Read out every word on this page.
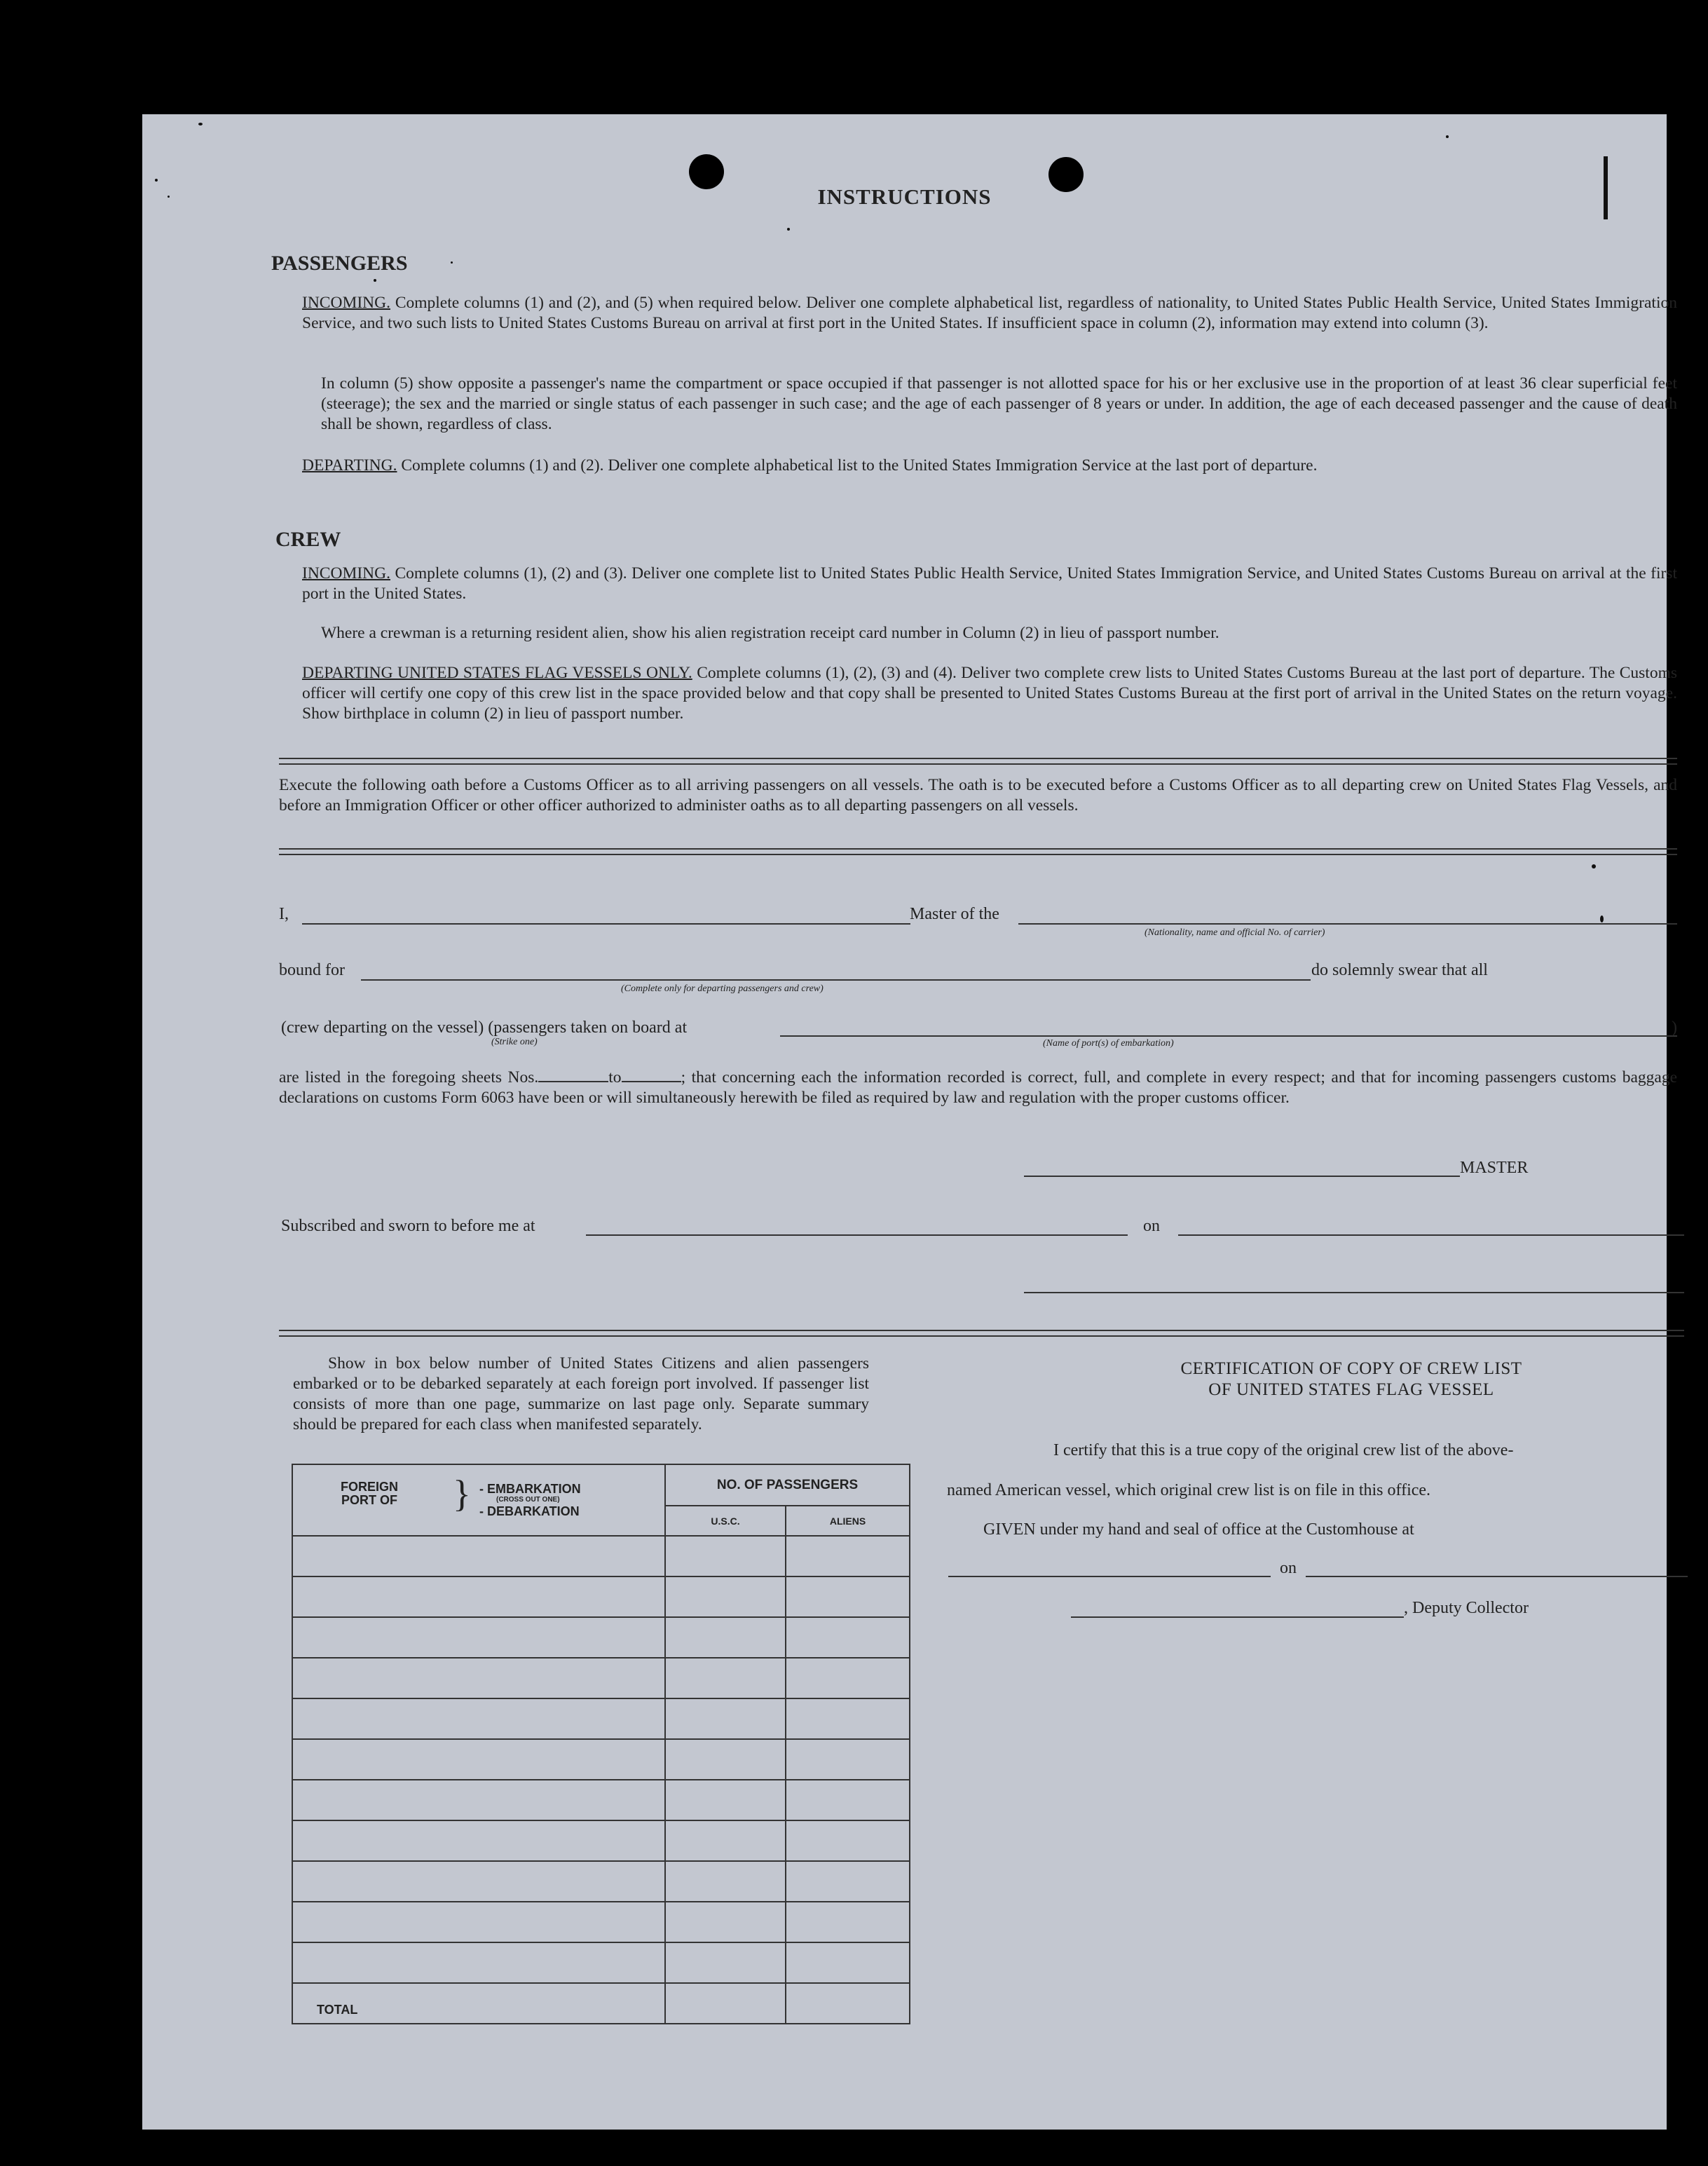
INSTRUCTIONS
PASSENGERS
INCOMING. Complete columns (1) and (2), and (5) when required below. Deliver one complete alphabetical list, regardless of nationality, to United States Public Health Service, United States Immigration Service, and two such lists to United States Customs Bureau on arrival at first port in the United States. If insufficient space in column (2), information may extend into column (3).
In column (5) show opposite a passenger's name the compartment or space occupied if that passenger is not allotted space for his or her exclusive use in the proportion of at least 36 clear superficial feet (steerage); the sex and the married or single status of each passenger in such case; and the age of each passenger of 8 years or under. In addition, the age of each deceased passenger and the cause of death shall be shown, regardless of class.
DEPARTING. Complete columns (1) and (2). Deliver one complete alphabetical list to the United States Immigration Service at the last port of departure.
CREW
INCOMING. Complete columns (1), (2) and (3). Deliver one complete list to United States Public Health Service, United States Immigration Service, and United States Customs Bureau on arrival at the first port in the United States.
Where a crewman is a returning resident alien, show his alien registration receipt card number in Column (2) in lieu of passport number.
DEPARTING UNITED STATES FLAG VESSELS ONLY. Complete columns (1), (2), (3) and (4). Deliver two complete crew lists to United States Customs Bureau at the last port of departure. The Customs officer will certify one copy of this crew list in the space provided below and that copy shall be presented to United States Customs Bureau at the first port of arrival in the United States on the return voyage. Show birthplace in column (2) in lieu of passport number.
Execute the following oath before a Customs Officer as to all arriving passengers on all vessels. The oath is to be executed before a Customs Officer as to all departing crew on United States Flag Vessels, and before an Immigration Officer or other officer authorized to administer oaths as to all departing passengers on all vessels.
I,	Master of the
(Nationality, name and official No. of carrier)
bound for
(Complete only for departing passengers and crew)
do solemnly swear that all
(crew departing on the vessel) (passengers taken on board at
(Strike one)	(Name of port(s) of embarkation)
)
are listed in the foregoing sheets Nos.	to	; that concerning each the information recorded is correct, full, and complete in every respect; and that for incoming passengers customs baggage declarations on customs Form 6063 have been or will simultaneously herewith be filed as required by law and regulation with the proper customs officer.
MASTER
Subscribed and sworn to before me at	on
Show in box below number of United States Citizens and alien passengers embarked or to be debarked separately at each foreign port involved. If passenger list consists of more than one page, summarize on last page only. Separate summary should be prepared for each class when manifested separately.
FOREIGN PORT OF } - EMBARKATION
(CROSS OUT ONE)
- DEBARKATION	NO. OF PASSENGERS	
	U.S.C.	ALIENS

TOTAL		
CERTIFICATION OF COPY OF CREW LIST
OF UNITED STATES FLAG VESSEL
I certify that this is a true copy of the original crew list of the above-
named American vessel, which original crew list is on file in this office.
GIVEN under my hand and seal of office at the Customhouse at
on
, Deputy Collector
